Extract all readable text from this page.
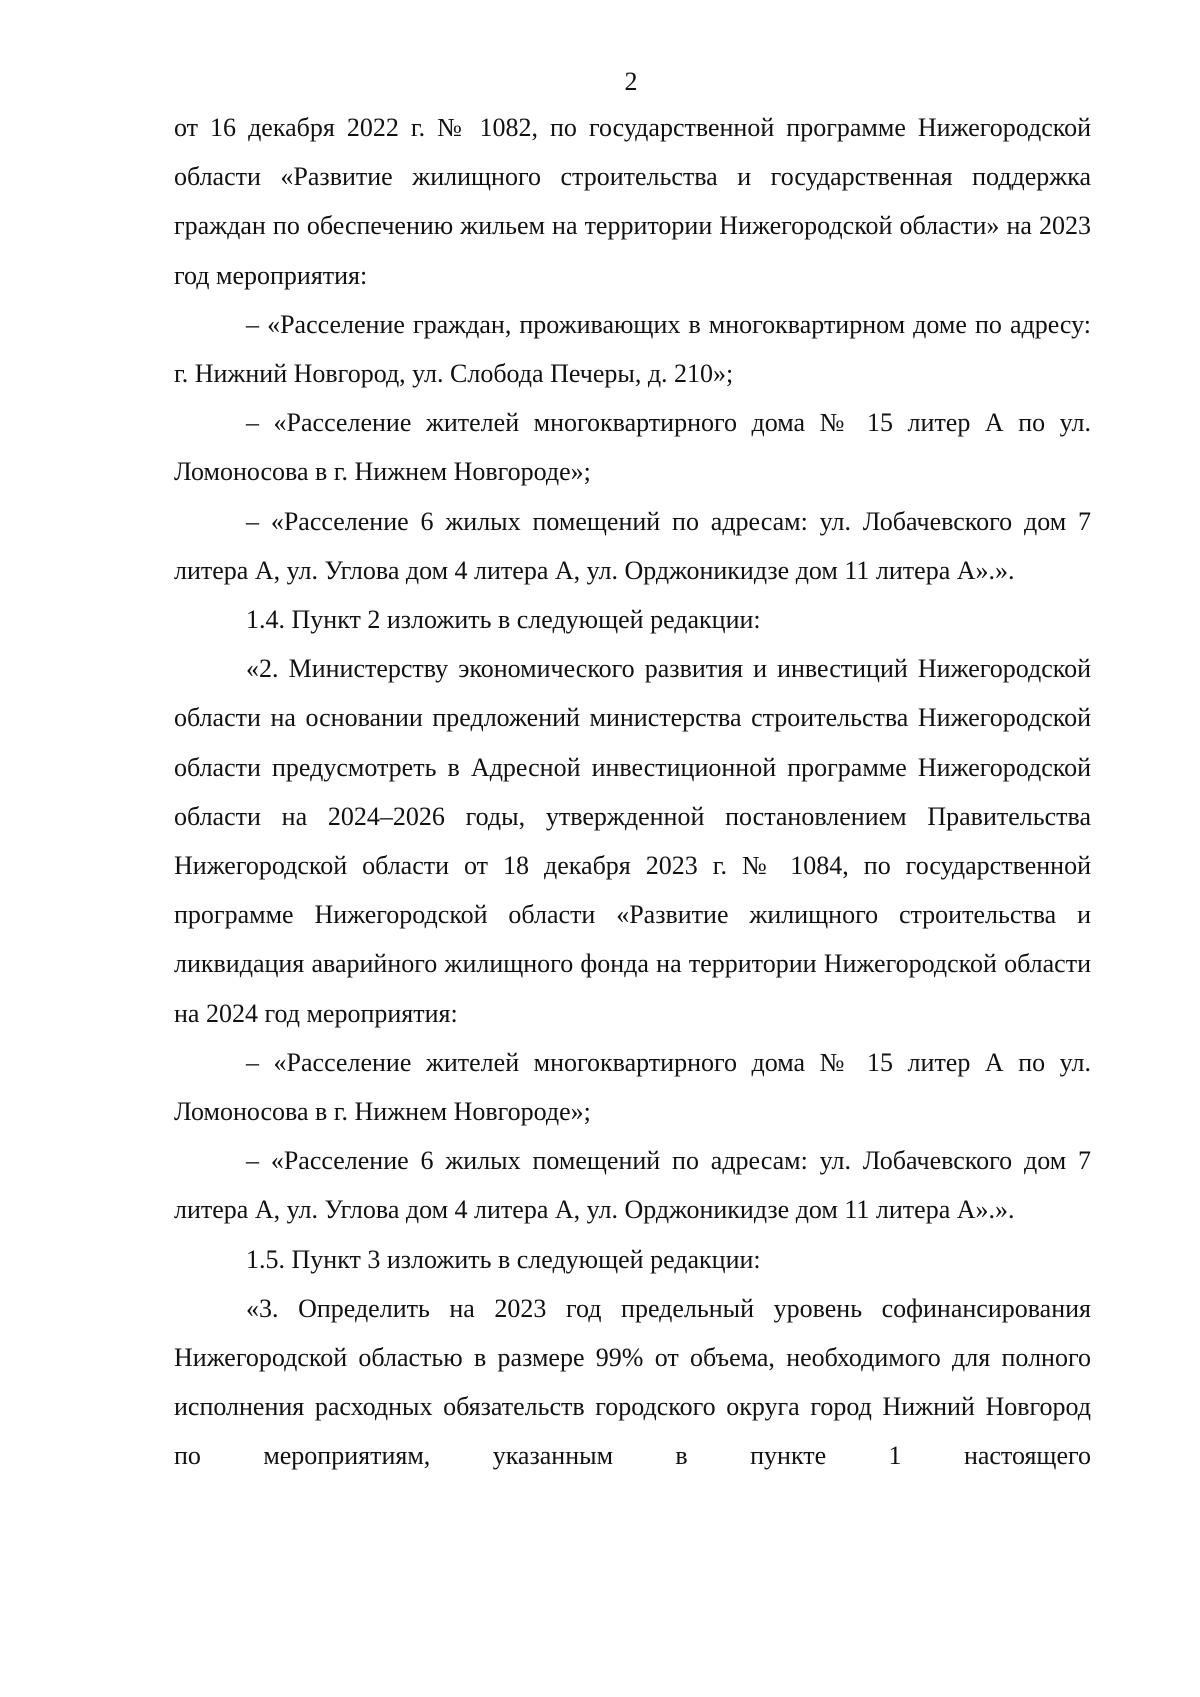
2

от 16 декабря 2022 г. № 1082, по государственной программе Нижегородской области «Развитие жилищного строительства и государственная поддержка граждан по обеспечению жильем на территории Нижегородской области» на 2023 год мероприятия:

– «Расселение граждан, проживающих в многоквартирном доме по адресу: г. Нижний Новгород, ул. Слобода Печеры, д. 210»;

– «Расселение жителей многоквартирного дома № 15 литер А по ул. Ломоносова в г. Нижнем Новгороде»;

– «Расселение 6 жилых помещений по адресам: ул. Лобачевского дом 7 литера А, ул. Углова дом 4 литера А, ул. Орджоникидзе дом 11 литера А».».

1.4. Пункт 2 изложить в следующей редакции:

«2. Министерству экономического развития и инвестиций Нижегородской области на основании предложений министерства строительства Нижегородской области предусмотреть в Адресной инвестиционной программе Нижегородской области на 2024–2026 годы, утвержденной постановлением Правительства Нижегородской области от 18 декабря 2023 г. № 1084, по государственной программе Нижегородской области «Развитие жилищного строительства и ликвидация аварийного жилищного фонда на территории Нижегородской области на 2024 год мероприятия:

– «Расселение жителей многоквартирного дома № 15 литер А по ул. Ломоносова в г. Нижнем Новгороде»;

– «Расселение 6 жилых помещений по адресам: ул. Лобачевского дом 7 литера А, ул. Углова дом 4 литера А, ул. Орджоникидзе дом 11 литера А».».

1.5. Пункт 3 изложить в следующей редакции:

«3. Определить на 2023 год предельный уровень софинансирования Нижегородской областью в размере 99% от объема, необходимого для полного исполнения расходных обязательств городского округа город Нижний Новгород по мероприятиям, указанным в пункте 1 настоящего
